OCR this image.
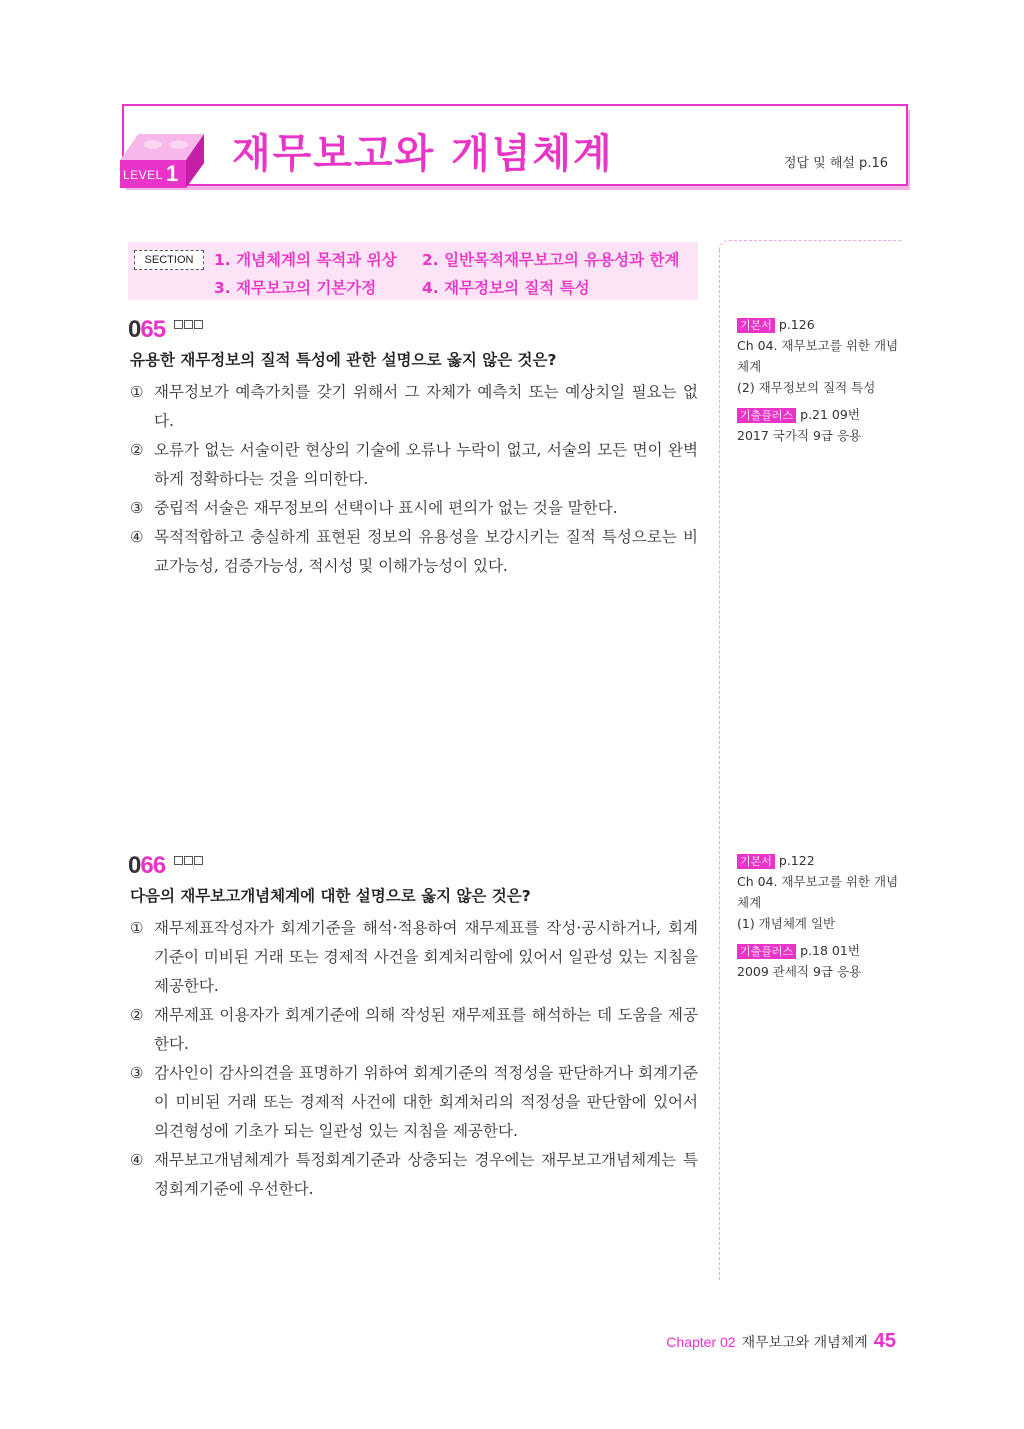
LEVEL 1 재무보고와 개념체계	정답 및 해설 p.16
SECTION	1. 개념체계의 목적과 위상 2. 일반목적재무보고의 유용성과 한계
3. 재무보고의 기본가정	4. 재무정보의 질적 특성
065
유용한 재무정보의 질적 특성에 관한 설명으로 옳지 않은 것은?
① 재무정보가 예측가치를 갖기 위해서 그 자체가 예측치 또는 예상치일 필요는 없다.
② 오류가 없는 서술이란 현상의 기술에 오류나 누락이 없고, 서술의 모든 면이 완벽하게 정확하다는 것을 의미한다.
③ 중립적 서술은 재무정보의 선택이나 표시에 편의가 없는 것을 말한다.
④ 목적적합하고 충실하게 표현된 정보의 유용성을 보강시키는 질적 특성으로는 비교가능성, 검증가능성, 적시성 및 이해가능성이 있다.
기본서 p.126
Ch 04. 재무보고를 위한 개념체계
(2) 재무정보의 질적 특성
기출플러스 p.21 09번
2017 국가직 9급 응용
066
다음의 재무보고개념체계에 대한 설명으로 옳지 않은 것은?
① 재무제표작성자가 회계기준을 해석·적용하여 재무제표를 작성·공시하거나, 회계기준이 미비된 거래 또는 경제적 사건을 회계처리함에 있어서 일관성 있는 지침을 제공한다.
② 재무제표 이용자가 회계기준에 의해 작성된 재무제표를 해석하는 데 도움을 제공한다.
③ 감사인이 감사의견을 표명하기 위하여 회계기준의 적정성을 판단하거나 회계기준이 미비된 거래 또는 경제적 사건에 대한 회계처리의 적정성을 판단함에 있어서 의견형성에 기초가 되는 일관성 있는 지침을 제공한다.
④ 재무보고개념체계가 특정회계기준과 상충되는 경우에는 재무보고개념체계는 특정회계기준에 우선한다.
기본서 p.122
Ch 04. 재무보고를 위한 개념체계
(1) 개념체계 일반
기출플러스 p.18 01번
2009 관세직 9급 응용
Chapter 02 재무보고와 개념체계 45
